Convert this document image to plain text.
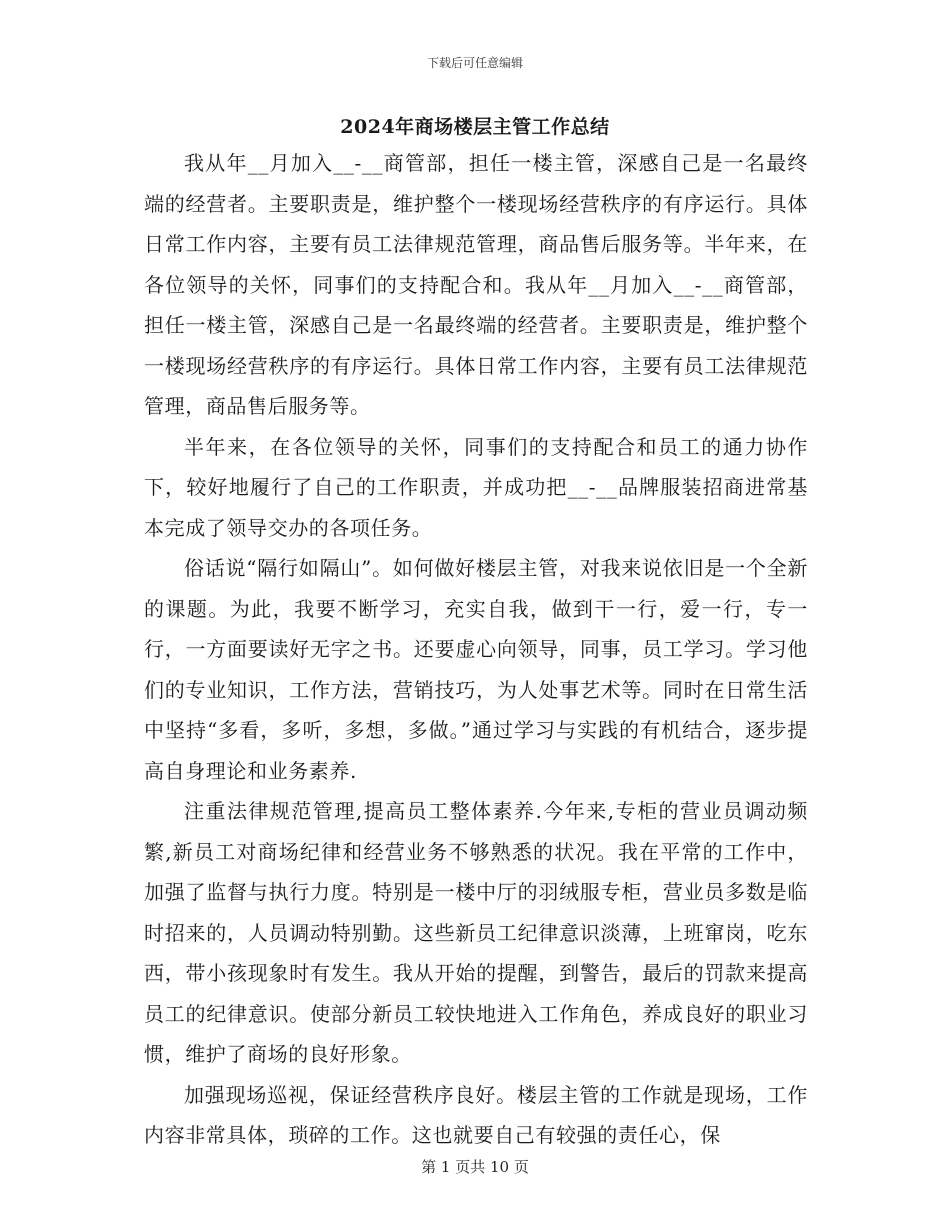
下载后可任意编辑
2024年商场楼层主管工作总结

我从年__月加入__-__商管部，担任一楼主管，深感自己是一名最终端的经营者。主要职责是，维护整个一楼现场经营秩序的有序运行。具体日常工作内容，主要有员工法律规范管理，商品售后服务等。半年来，在各位领导的关怀，同事们的支持配合和。我从年__月加入__-__商管部，担任一楼主管，深感自己是一名最终端的经营者。主要职责是，维护整个一楼现场经营秩序的有序运行。具体日常工作内容，主要有员工法律规范管理，商品售后服务等。

半年来，在各位领导的关怀，同事们的支持配合和员工的通力协作下，较好地履行了自己的工作职责，并成功把__-__品牌服装招商进常基本完成了领导交办的各项任务。

俗话说“隔行如隔山”。如何做好楼层主管，对我来说依旧是一个全新的课题。为此，我要不断学习，充实自我，做到干一行，爱一行，专一行，一方面要读好无字之书。还要虚心向领导，同事，员工学习。学习他们的专业知识，工作方法，营销技巧，为人处事艺术等。同时在日常生活中坚持“多看，多听，多想，多做。”通过学习与实践的有机结合，逐步提高自身理论和业务素养.

注重法律规范管理,提高员工整体素养.今年来,专柜的营业员调动频繁,新员工对商场纪律和经营业务不够熟悉的状况。我在平常的工作中，加强了监督与执行力度。特别是一楼中厅的羽绒服专柜，营业员多数是临时招来的，人员调动特别勤。这些新员工纪律意识淡薄，上班窜岗，吃东西，带小孩现象时有发生。我从开始的提醒，到警告，最后的罚款来提高员工的纪律意识。使部分新员工较快地进入工作角色，养成良好的职业习惯，维护了商场的良好形象。

加强现场巡视，保证经营秩序良好。楼层主管的工作就是现场，工作内容非常具体，琐碎的工作。这也就要自己有较强的责任心，保

第 1 页共 10 页
